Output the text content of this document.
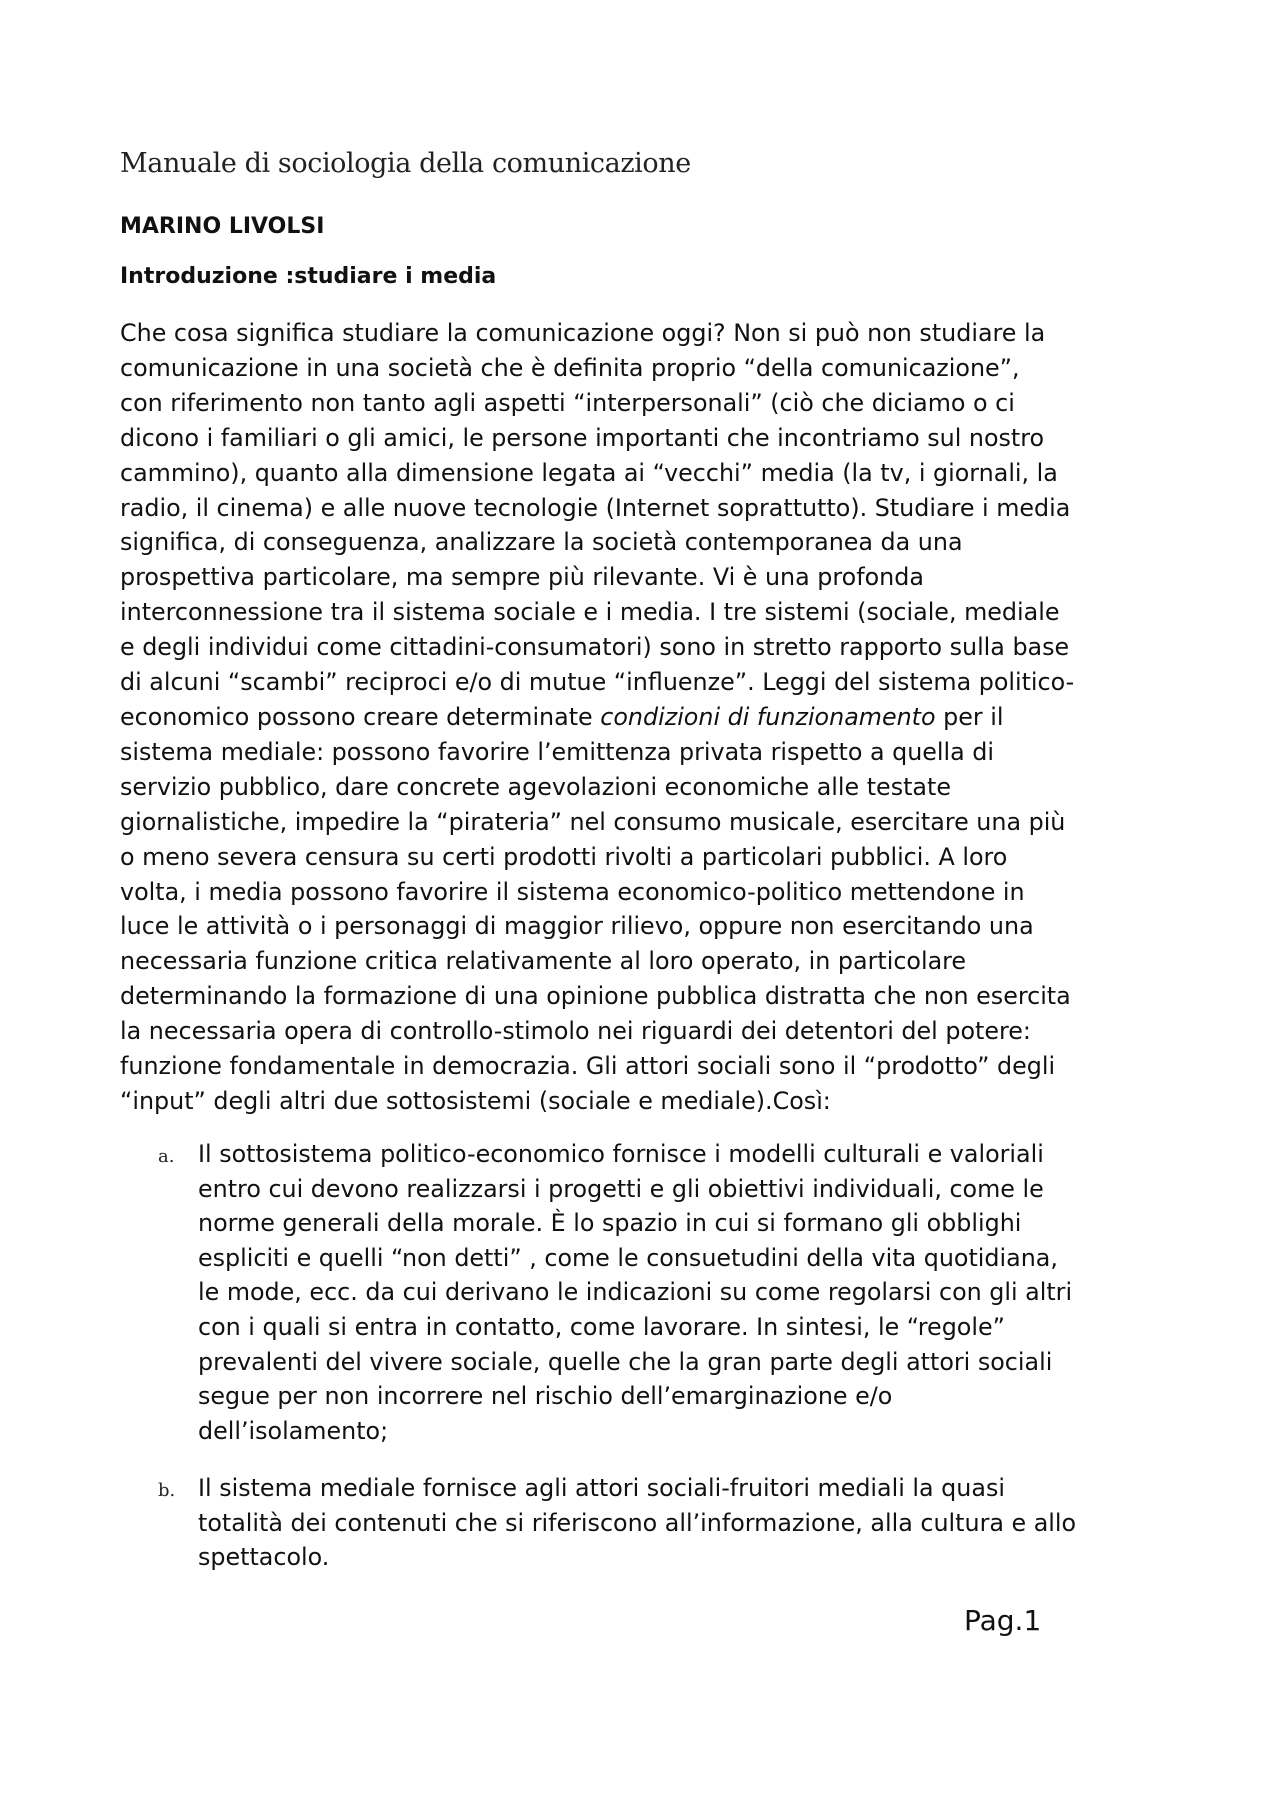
Manuale di sociologia della comunicazione
MARINO LIVOLSI
Introduzione :studiare i media
Che cosa significa studiare la comunicazione oggi? Non si può non studiare la
comunicazione in una società che è definita proprio “della comunicazione”,
con riferimento non tanto agli aspetti “interpersonali” (ciò che diciamo o ci
dicono i familiari o gli amici, le persone importanti che incontriamo sul nostro
cammino), quanto alla dimensione legata ai “vecchi” media (la tv, i giornali, la
radio, il cinema) e alle nuove tecnologie (Internet soprattutto). Studiare i media
significa, di conseguenza, analizzare la società contemporanea da una
prospettiva particolare, ma sempre più rilevante. Vi è una profonda
interconnessione tra il sistema sociale e i media. I tre sistemi (sociale, mediale
e degli individui come cittadini-consumatori) sono in stretto rapporto sulla base
di alcuni “scambi” reciproci e/o di mutue “influenze”. Leggi del sistema politico-
economico possono creare determinate condizioni di funzionamento per il
sistema mediale: possono favorire l’emittenza privata rispetto a quella di
servizio pubblico, dare concrete agevolazioni economiche alle testate
giornalistiche, impedire la “pirateria” nel consumo musicale, esercitare una più
o meno severa censura su certi prodotti rivolti a particolari pubblici. A loro
volta, i media possono favorire il sistema economico-politico mettendone in
luce le attività o i personaggi di maggior rilievo, oppure non esercitando una
necessaria funzione critica relativamente al loro operato, in particolare
determinando la formazione di una opinione pubblica distratta che non esercita
la necessaria opera di controllo-stimolo nei riguardi dei detentori del potere:
funzione fondamentale in democrazia. Gli attori sociali sono il “prodotto” degli
“input” degli altri due sottosistemi (sociale e mediale).Così:
a. Il sottosistema politico-economico fornisce i modelli culturali e valoriali
entro cui devono realizzarsi i progetti e gli obiettivi individuali, come le
norme generali della morale. È lo spazio in cui si formano gli obblighi
espliciti e quelli “non detti” , come le consuetudini della vita quotidiana,
le mode, ecc. da cui derivano le indicazioni su come regolarsi con gli altri
con i quali si entra in contatto, come lavorare. In sintesi, le “regole”
prevalenti del vivere sociale, quelle che la gran parte degli attori sociali
segue per non incorrere nel rischio dell’emarginazione e/o
dell’isolamento;
b. Il sistema mediale fornisce agli attori sociali-fruitori mediali la quasi
totalità dei contenuti che si riferiscono all’informazione, alla cultura e allo
spettacolo.
Pag.1
